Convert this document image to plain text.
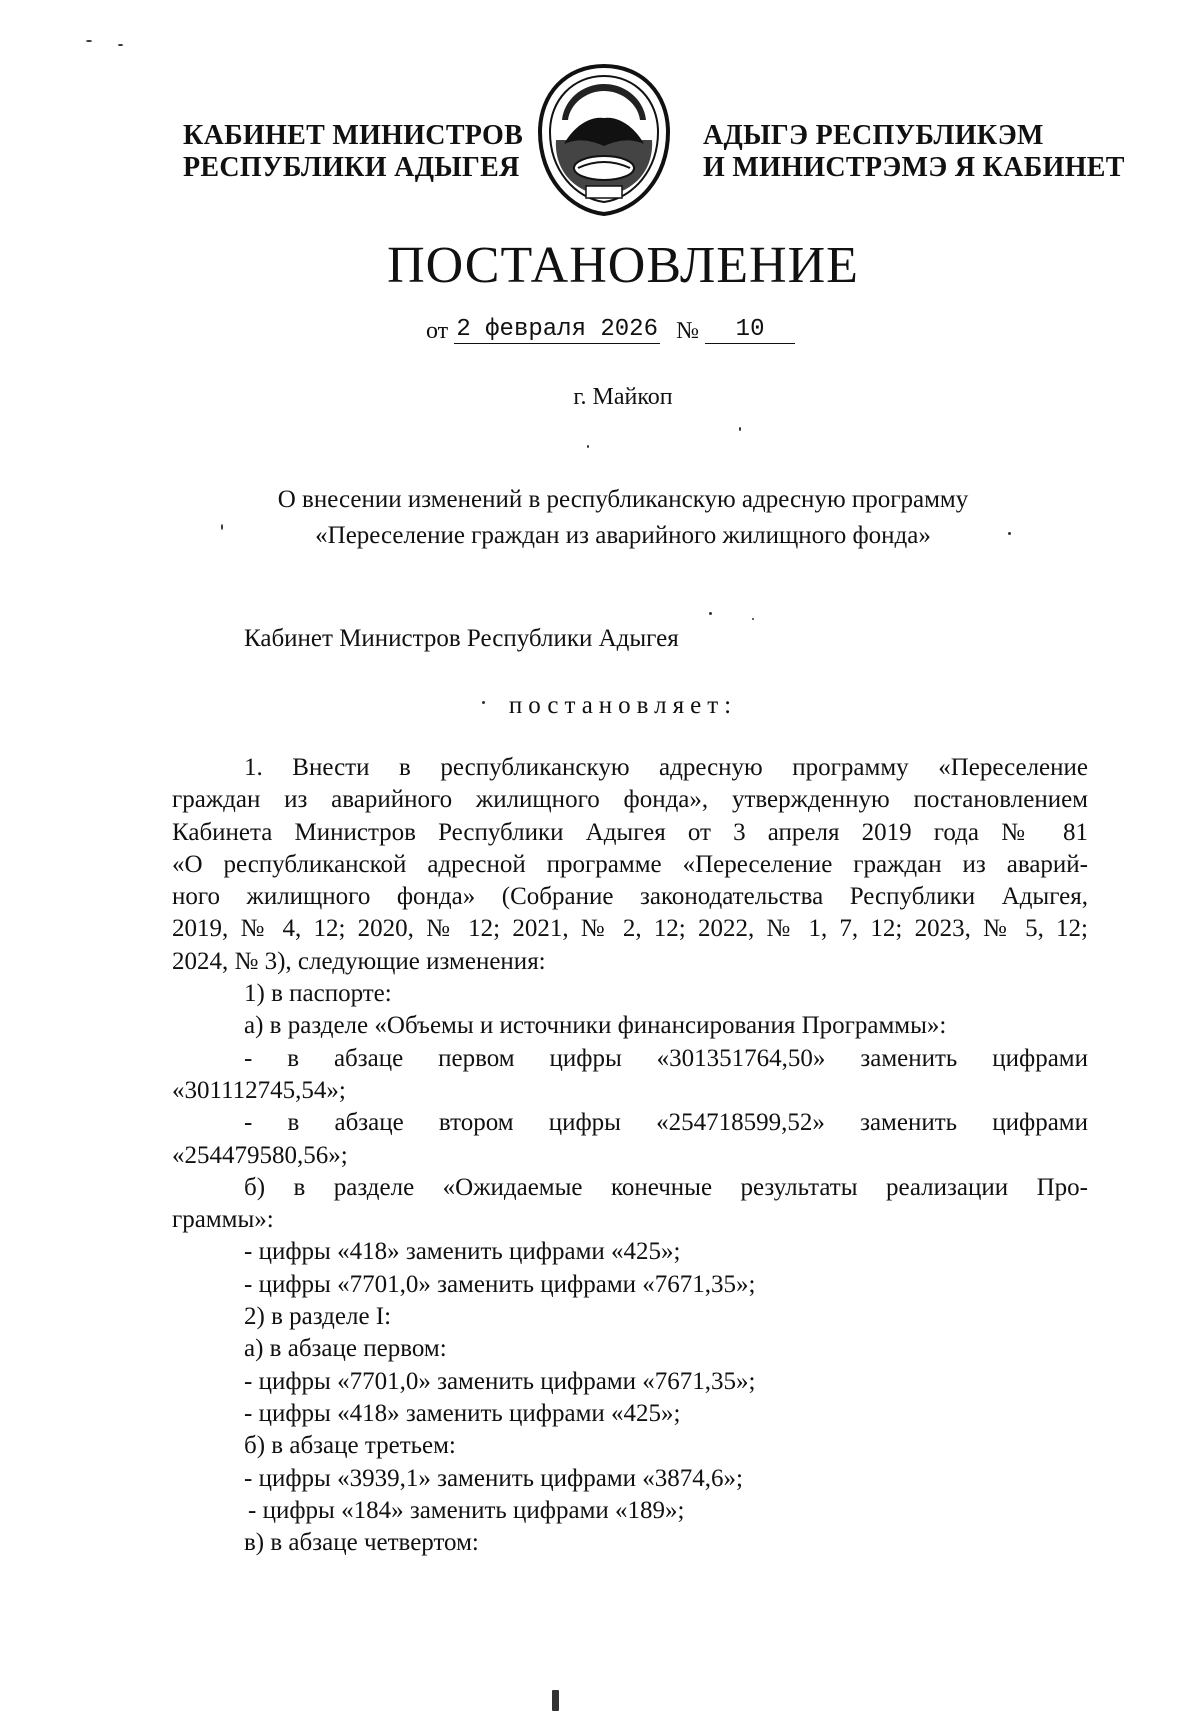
КАБИНЕТ МИНИСТРОВ
РЕСПУБЛИКИ АДЫГЕЯ
АДЫГЭ РЕСПУБЛИКЭМ
И МИНИСТРЭМЭ Я КАБИНЕТ
ПОСТАНОВЛЕНИЕ
от 2 февраля 2026 № 10
г. Майкоп
О внесении изменений в республиканскую адресную программу
«Переселение граждан из аварийного жилищного фонда»
Кабинет Министров Республики Адыгея
постановляет:

1. Внести в республиканскую адресную программу «Переселение

граждан из аварийного жилищного фонда», утвержденную постановлением

Кабинета Министров Республики Адыгея от 3 апреля 2019 года № 81

«О республиканской адресной программе «Переселение граждан из аварий-

ного жилищного фонда» (Собрание законодательства Республики Адыгея,

2019, № 4, 12; 2020, № 12; 2021, № 2, 12; 2022, № 1, 7, 12; 2023, № 5, 12;

2024, № 3), следующие изменения:

1) в паспорте:

а) в разделе «Объемы и источники финансирования Программы»:

- в абзаце первом цифры «301351764,50» заменить цифрами

«301112745,54»;

- в абзаце втором цифры «254718599,52» заменить цифрами

«254479580,56»;

б) в разделе «Ожидаемые конечные результаты реализации Про-

граммы»:

- цифры «418» заменить цифрами «425»;

- цифры «7701,0» заменить цифрами «7671,35»;

2) в разделе I:

а) в абзаце первом:

- цифры «7701,0» заменить цифрами «7671,35»;

- цифры «418» заменить цифрами «425»;

б) в абзаце третьем:

- цифры «3939,1» заменить цифрами «3874,6»;

- цифры «184» заменить цифрами «189»;

в) в абзаце четвертом:
